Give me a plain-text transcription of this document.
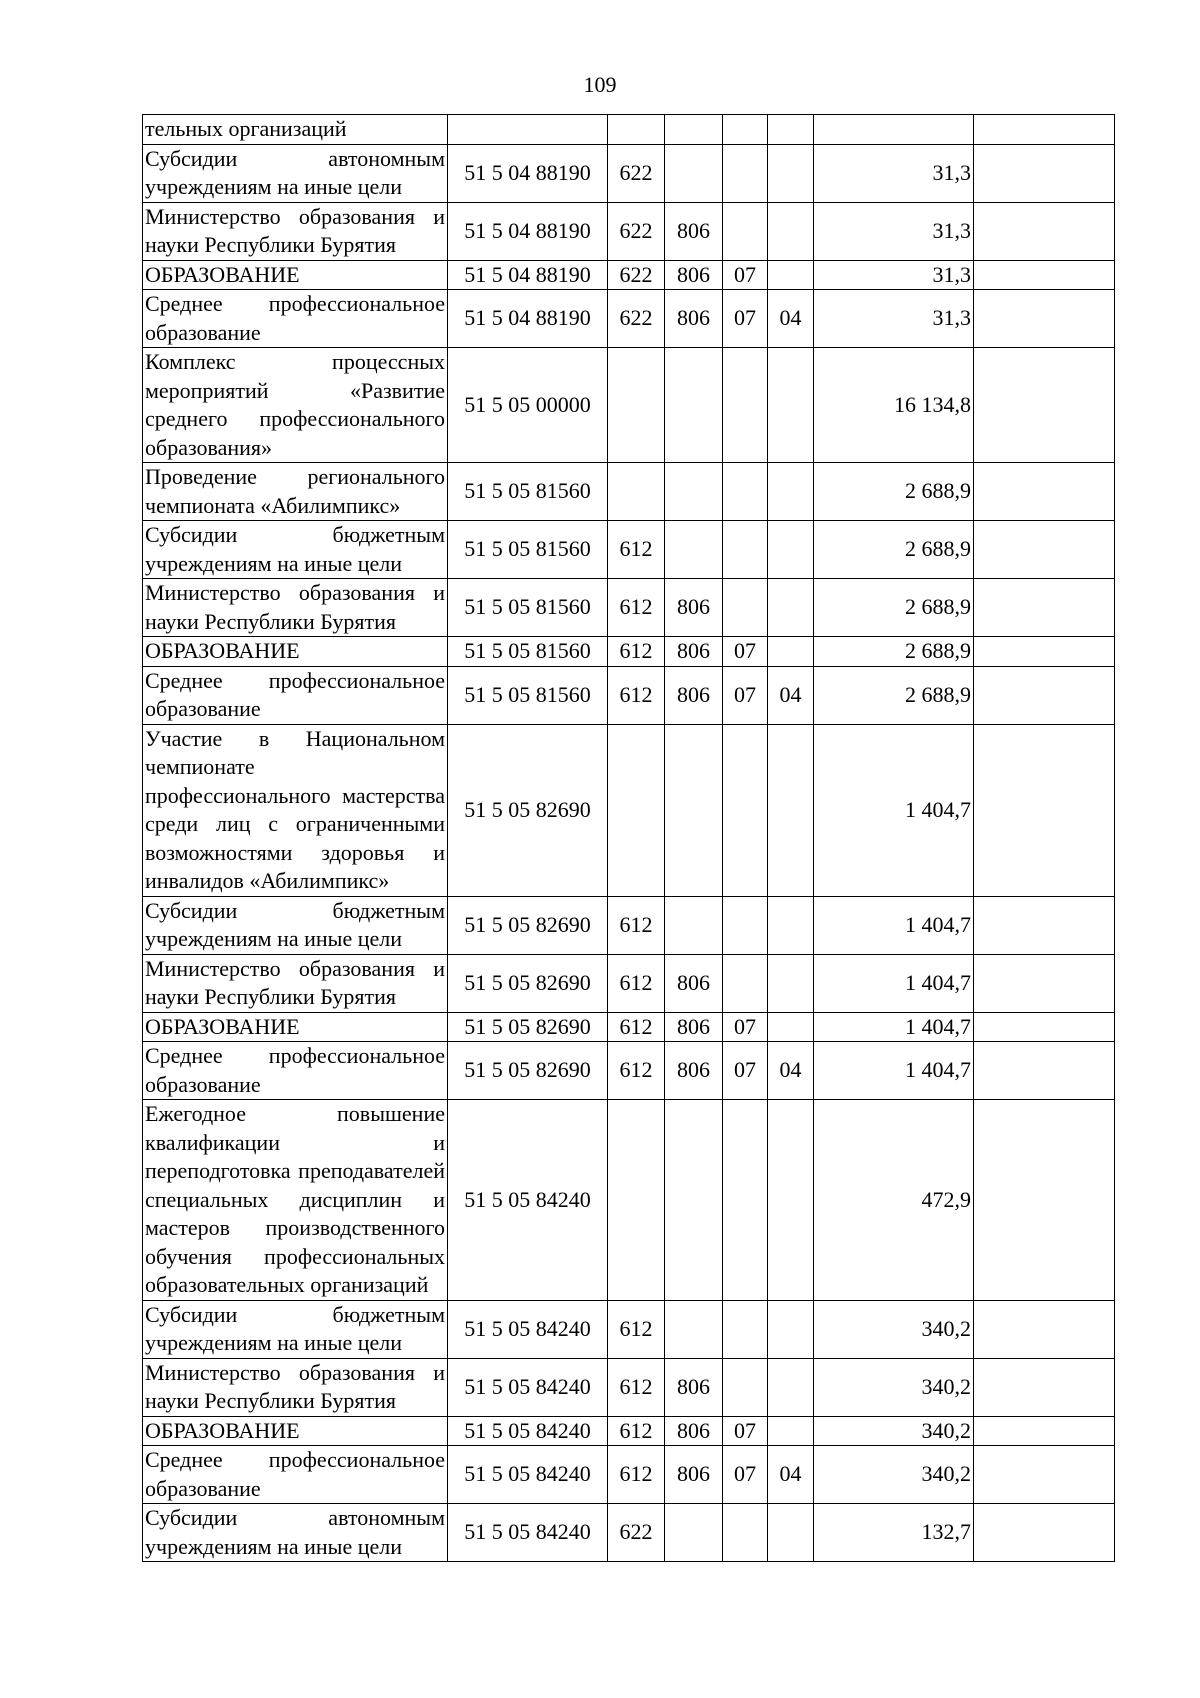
109
тельных организаций							
Субсидии автономным учреждениям на иные цели	51 5 04 88190	622				31,3	
Министерство образования и науки Республики Бурятия	51 5 04 88190	622	806			31,3	
ОБРАЗОВАНИЕ	51 5 04 88190	622	806	07		31,3	
Среднее профессиональное образование	51 5 04 88190	622	806	07	04	31,3	
Комплекс процессных мероприятий «Развитие среднего профессионального образования»	51 5 05 00000					16 134,8	
Проведение регионального чемпионата «Абилимпикс»	51 5 05 81560					2 688,9	
Субсидии бюджетным учреждениям на иные цели	51 5 05 81560	612				2 688,9	
Министерство образования и науки Республики Бурятия	51 5 05 81560	612	806			2 688,9	
ОБРАЗОВАНИЕ	51 5 05 81560	612	806	07		2 688,9	
Среднее профессиональное образование	51 5 05 81560	612	806	07	04	2 688,9	
Участие в Национальном чемпионате профессионального мастерства среди лиц с ограниченными возможностями здоровья и инвалидов «Абилимпикс»	51 5 05 82690					1 404,7	
Субсидии бюджетным учреждениям на иные цели	51 5 05 82690	612				1 404,7	
Министерство образования и науки Республики Бурятия	51 5 05 82690	612	806			1 404,7	
ОБРАЗОВАНИЕ	51 5 05 82690	612	806	07		1 404,7	
Среднее профессиональное образование	51 5 05 82690	612	806	07	04	1 404,7	
Ежегодное повышение квалификации и переподготовка преподавателей специальных дисциплин и мастеров производственного обучения профессиональных образовательных организаций	51 5 05 84240					472,9	
Субсидии бюджетным учреждениям на иные цели	51 5 05 84240	612				340,2	
Министерство образования и науки Республики Бурятия	51 5 05 84240	612	806			340,2	
ОБРАЗОВАНИЕ	51 5 05 84240	612	806	07		340,2	
Среднее профессиональное образование	51 5 05 84240	612	806	07	04	340,2	
Субсидии автономным учреждениям на иные цели	51 5 05 84240	622				132,7	
